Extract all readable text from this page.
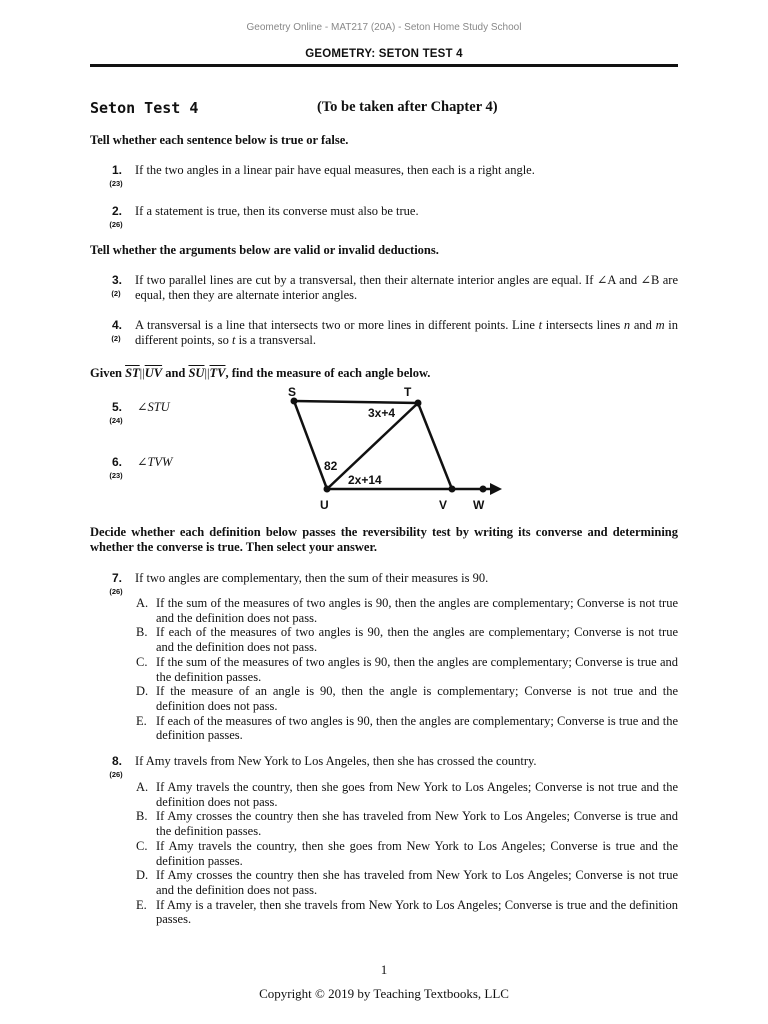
Geometry Online - MAT217 (20A) - Seton Home Study School
GEOMETRY: SETON TEST 4
Seton Test 4	(To be taken after Chapter 4)
Tell whether each sentence below is true or false.
1.
(23)
If the two angles in a linear pair have equal measures, then each is a right angle.
2.
(26)
If a statement is true, then its converse must also be true.
Tell whether the arguments below are valid or invalid deductions.
3.
(2)
If two parallel lines are cut by a transversal, then their alternate interior angles are equal. If ∠A and ∠B are equal, then they are alternate interior angles.
4.
(2)
A transversal is a line that intersects two or more lines in different points. Line t intersects lines n and m in different points, so t is a transversal.
Given $\overline{ST}||\overline{UV}$ and $\overline{SU}||\overline{TV}$, find the measure of each angle below.
5.
(24)
∠STU
6.
(23)
∠TVW
S	T
U	V W
3x+4
82
2x+14
Decide whether each definition below passes the reversibility test by writing its converse and determining whether the converse is true. Then select your answer.
7.
(26)
If two angles are complementary, then the sum of their measures is 90.
A. If the sum of the measures of two angles is 90, then the angles are complementary; Converse is not true and the definition does not pass.
B. If each of the measures of two angles is 90, then the angles are complementary; Converse is not true and the definition does not pass.
C. If the sum of the measures of two angles is 90, then the angles are complementary; Converse is true and the definition passes.
D. If the measure of an angle is 90, then the angle is complementary; Converse is not true and the definition does not pass.
E. If each of the measures of two angles is 90, then the angles are complementary; Converse is true and the definition passes.
8.
(26)
If Amy travels from New York to Los Angeles, then she has crossed the country.
A. If Amy travels the country, then she goes from New York to Los Angeles; Converse is not true and the definition does not pass.
B. If Amy crosses the country then she has traveled from New York to Los Angeles; Converse is true and the definition passes.
C. If Amy travels the country, then she goes from New York to Los Angeles; Converse is true and the definition passes.
D. If Amy crosses the country then she has traveled from New York to Los Angeles; Converse is not true and the definition does not pass.
E. If Amy is a traveler, then she travels from New York to Los Angeles; Converse is true and the definition passes.
1
Copyright © 2019 by Teaching Textbooks, LLC
